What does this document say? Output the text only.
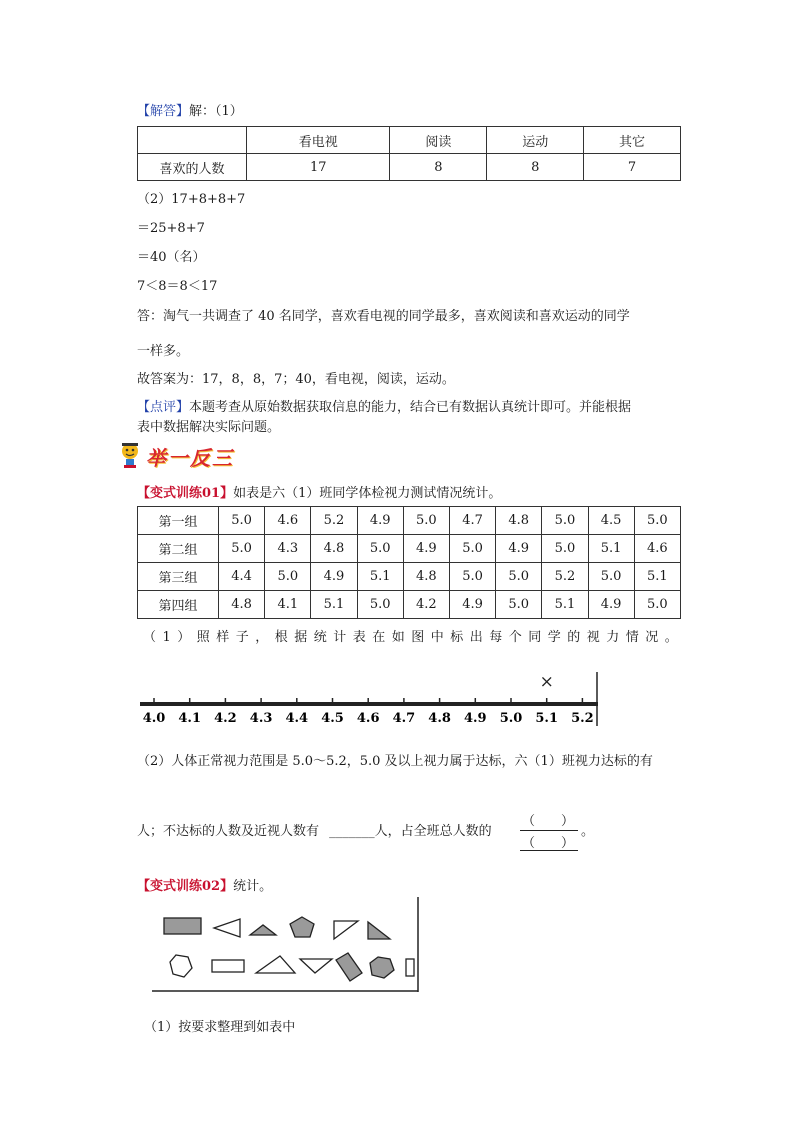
【解答】解：（1）
	看电视	阅读	运动	其它
喜欢的人数	17	8	8	7
（2）17+8+8+7
＝25+8+7
＝40（名）
7＜8＝8＜17
答：淘气一共调查了 40 名同学，喜欢看电视的同学最多，喜欢阅读和喜欢运动的同学
一样多。
故答案为：17，8，8，7；40，看电视，阅读，运动。
【点评】本题考查从原始数据获取信息的能力，结合已有数据认真统计即可。并能根据
表中数据解决实际问题。
举一反三
【变式训练01】如表是六（1）班同学体检视力测试情况统计。
第一组	5.0	4.6	5.2	4.9	5.0	4.7	4.8	5.0	4.5	5.0
第二组	5.0	4.3	4.8	5.0	4.9	5.0	4.9	5.0	5.1	4.6
第三组	4.4	5.0	4.9	5.1	4.8	5.0	5.0	5.2	5.0	5.1
第四组	4.8	4.1	5.1	5.0	4.2	4.9	5.0	5.1	4.9	5.0
（1）照样子，根据统计表在如图中标出每个同学的视力情况。
4.0 4.1 4.2 4.3 4.4 4.5 4.6 4.7 4.8 4.9 5.0 5.1 5.2
×
（2）人体正常视力范围是 5.0～5.2，5.0 及以上视力属于达标，六（1）班视力达标的有
人；不达标的人数及近视人数有 _______人，占全班总人数的
（　　）
（　　）
。
【变式训练02】统计。
（1）按要求整理到如表中
